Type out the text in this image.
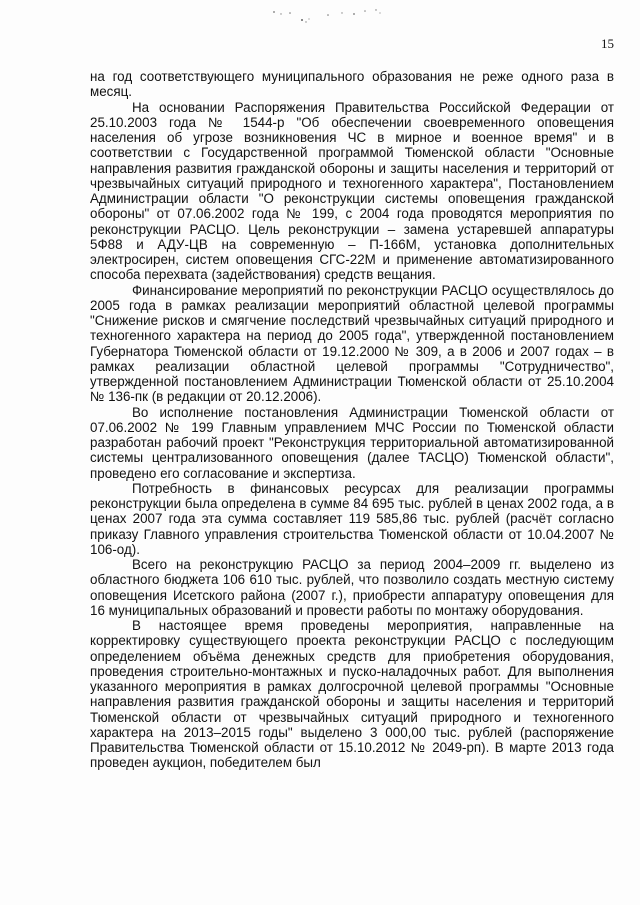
15

на год соответствующего муниципального образования не реже одного раза в месяц.

На основании Распоряжения Правительства Российской Федерации от 25.10.2003 года № 1544-р "Об обеспечении своевременного оповещения населения об угрозе возникновения ЧС в мирное и военное время" и в соответствии с Государственной программой Тюменской области "Основные направления развития гражданской обороны и защиты населения и территорий от чрезвычайных ситуаций природного и техногенного характера", Постановлением Администрации области "О реконструкции системы оповещения гражданской обороны" от 07.06.2002 года № 199, с 2004 года проводятся мероприятия по реконструкции РАСЦО. Цель реконструкции – замена устаревшей аппаратуры 5Ф88 и АДУ-ЦВ на современную – П-166М, установка дополнительных электросирен, систем оповещения СГС-22М и применение автоматизированного способа перехвата (задействования) средств вещания.

Финансирование мероприятий по реконструкции РАСЦО осуществлялось до 2005 года в рамках реализации мероприятий областной целевой программы "Снижение рисков и смягчение последствий чрезвычайных ситуаций природного и техногенного характера на период до 2005 года", утвержденной постановлением Губернатора Тюменской области от 19.12.2000 № 309, а в 2006 и 2007 годах – в рамках реализации областной целевой программы "Сотрудничество", утвержденной постановлением Администрации Тюменской области от 25.10.2004 № 136-пк (в редакции от 20.12.2006).

Во исполнение постановления Администрации Тюменской области от 07.06.2002 № 199 Главным управлением МЧС России по Тюменской области разработан рабочий проект "Реконструкция территориальной автоматизированной системы централизованного оповещения (далее ТАСЦО) Тюменской области", проведено его согласование и экспертиза.

Потребность в финансовых ресурсах для реализации программы реконструкции была определена в сумме 84 695 тыс. рублей в ценах 2002 года, а в ценах 2007 года эта сумма составляет 119 585,86 тыс. рублей (расчёт согласно приказу Главного управления строительства Тюменской области от 10.04.2007 № 106-од).

Всего на реконструкцию РАСЦО за период 2004–2009 гг. выделено из областного бюджета 106 610 тыс. рублей, что позволило создать местную систему оповещения Исетского района (2007 г.), приобрести аппаратуру оповещения для 16 муниципальных образований и провести работы по монтажу оборудования.

В настоящее время проведены мероприятия, направленные на корректировку существующего проекта реконструкции РАСЦО с последующим определением объёма денежных средств для приобретения оборудования, проведения строительно-монтажных и пуско-наладочных работ. Для выполнения указанного мероприятия в рамках долгосрочной целевой программы "Основные направления развития гражданской обороны и защиты населения и территорий Тюменской области от чрезвычайных ситуаций природного и техногенного характера на 2013–2015 годы" выделено 3 000,00 тыс. рублей (распоряжение Правительства Тюменской области от 15.10.2012 № 2049-рп). В марте 2013 года проведен аукцион, победителем был
